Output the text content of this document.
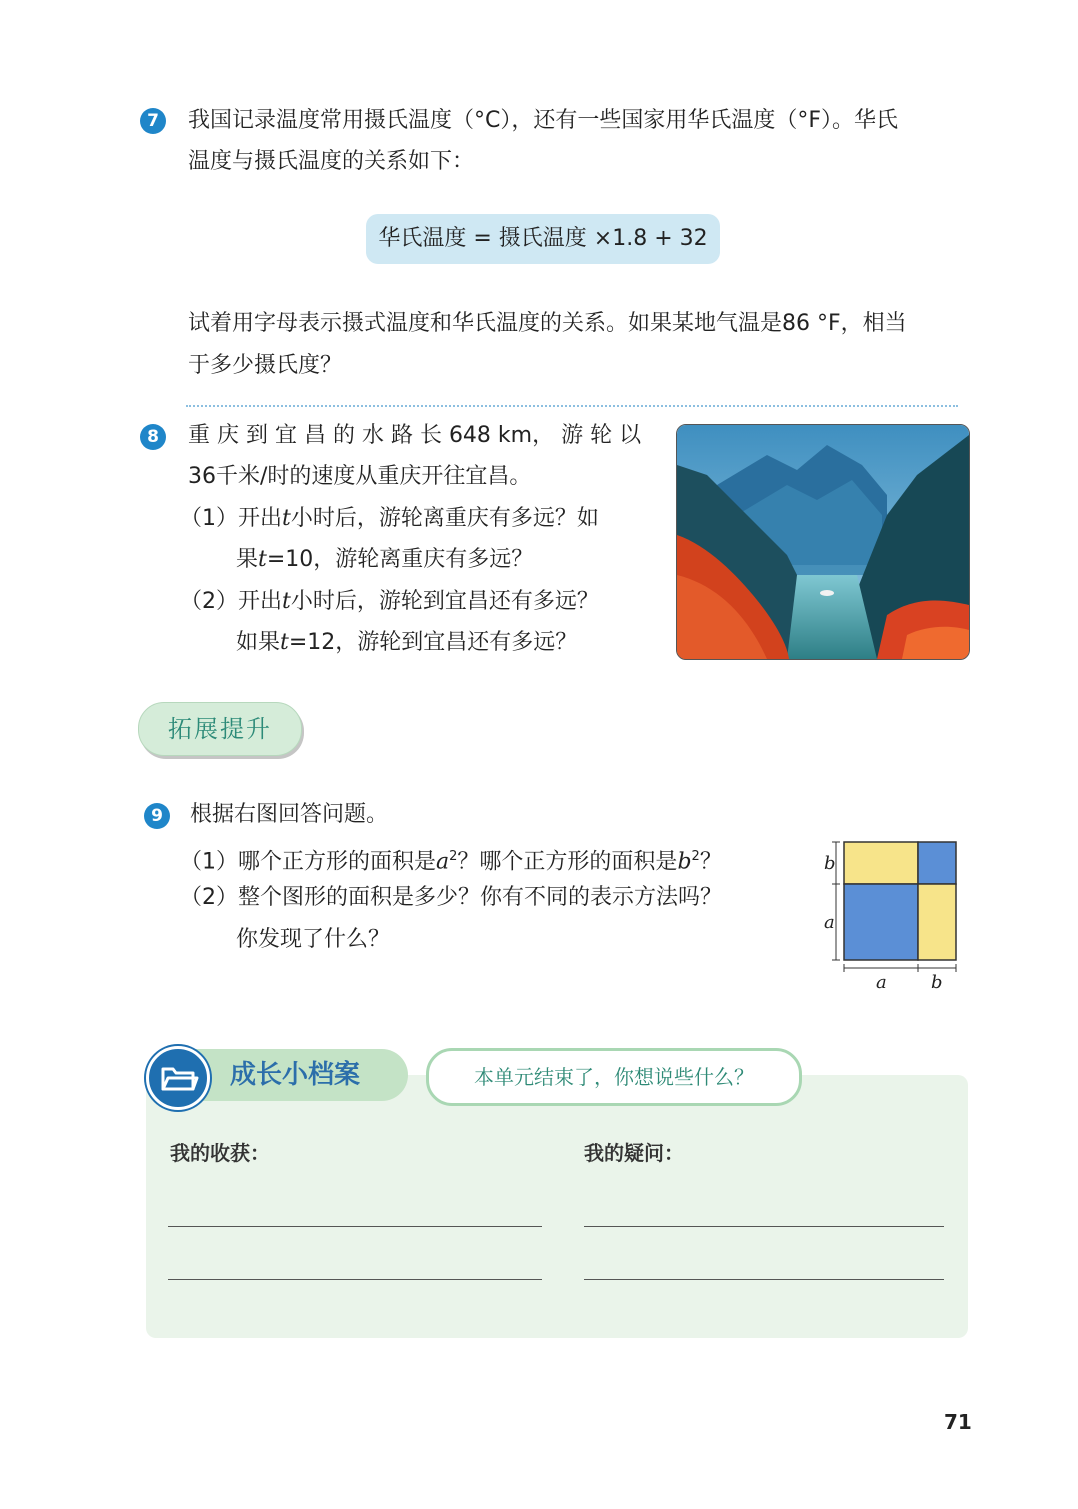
7	我国记录温度常用摄氏温度（°C），还有一些国家用华氏温度（°F）。华氏
温度与摄氏温度的关系如下：
华氏温度 = 摄氏温度 ×1.8 + 32
试着用字母表示摄式温度和华氏温度的关系。如果某地气温是86 °F，相当
于多少摄氏度？
8	重 庆 到 宜 昌 的 水 路 长 648 km， 游 轮 以
36千米/时的速度从重庆开往宜昌。
（1）开出t小时后，游轮离重庆有多远？如
果t=10，游轮离重庆有多远？
（2）开出t小时后，游轮到宜昌还有多远？
如果t=12，游轮到宜昌还有多远？
拓展提升
9	根据右图回答问题。
（1）哪个正方形的面积是$a^2$？哪个正方形的面积是$b^2$？
（2）整个图形的面积是多少？你有不同的表示方法吗？
你发现了什么？
b
a
a b
成长小档案	本单元结束了，你想说些什么？
我的收获：	我的疑问：
71
